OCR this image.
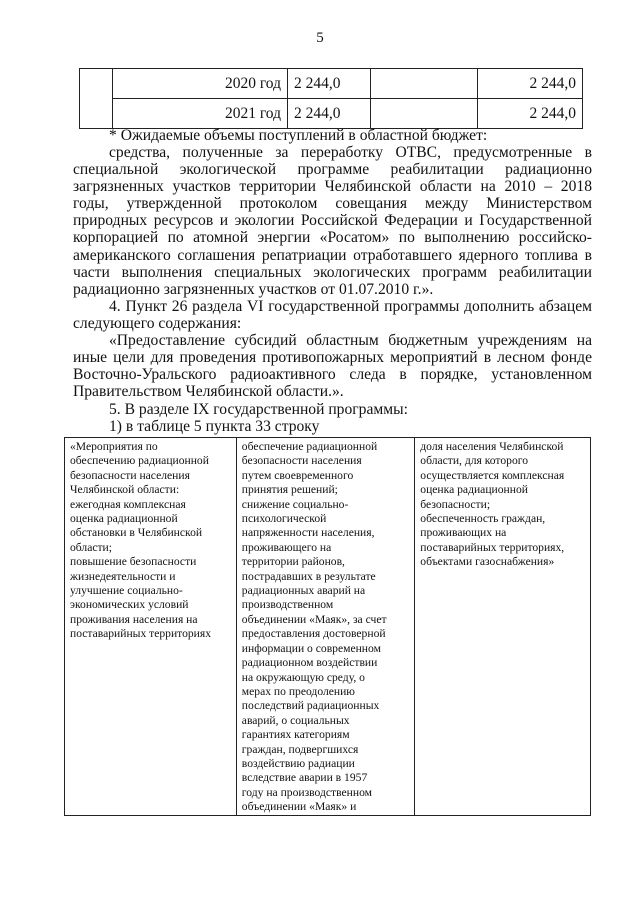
5
	2020 год	2 244,0		2 244,0
	2021 год	2 244,0		2 244,0
* Ожидаемые объемы поступлений в областной бюджет:
средства, полученные за переработку ОТВС, предусмотренные в специальной экологической программе реабилитации радиационно загрязненных участков территории Челябинской области на 2010 – 2018 годы, утвержденной протоколом совещания между Министерством природных ресурсов и экологии Российской Федерации и Государственной корпорацией по атомной энергии «Росатом» по выполнению российско-американского соглашения репатриации отработавшего ядерного топлива в части выполнения специальных экологических программ реабилитации радиационно загрязненных участков от 01.07.2010 г.».
4. Пункт 26 раздела VI государственной программы дополнить абзацем следующего содержания:
«Предоставление субсидий областным бюджетным учреждениям на иные цели для проведения противопожарных мероприятий в лесном фонде Восточно-Уральского радиоактивного следа в порядке, установленном Правительством Челябинской области.».
5. В разделе IX государственной программы:
1) в таблице 5 пункта 33 строку
«Мероприятия по
обеспечению радиационной
безопасности населения
Челябинской области:
ежегодная комплексная
оценка радиационной
обстановки в Челябинской
области;
повышение безопасности
жизнедеятельности и
улучшение социально-
экономических условий
проживания населения на
поставарийных территориях

обеспечение радиационной
безопасности населения
путем своевременного
принятия решений;
снижение социально-
психологической
напряженности населения,
проживающего на
территории районов,
пострадавших в результате
радиационных аварий на
производственном
объединении «Маяк», за счет
предоставления достоверной
информации о современном
радиационном воздействии
на окружающую среду, о
мерах по преодолению
последствий радиационных
аварий, о социальных
гарантиях категориям
граждан, подвергшихся
воздействию радиации
вследствие аварии в 1957
году на производственном
объединении «Маяк» и

доля населения Челябинской
области, для которого
осуществляется комплексная
оценка радиационной
безопасности;
обеспеченность граждан,
проживающих на
поставарийных территориях,
объектами газоснабжения»
